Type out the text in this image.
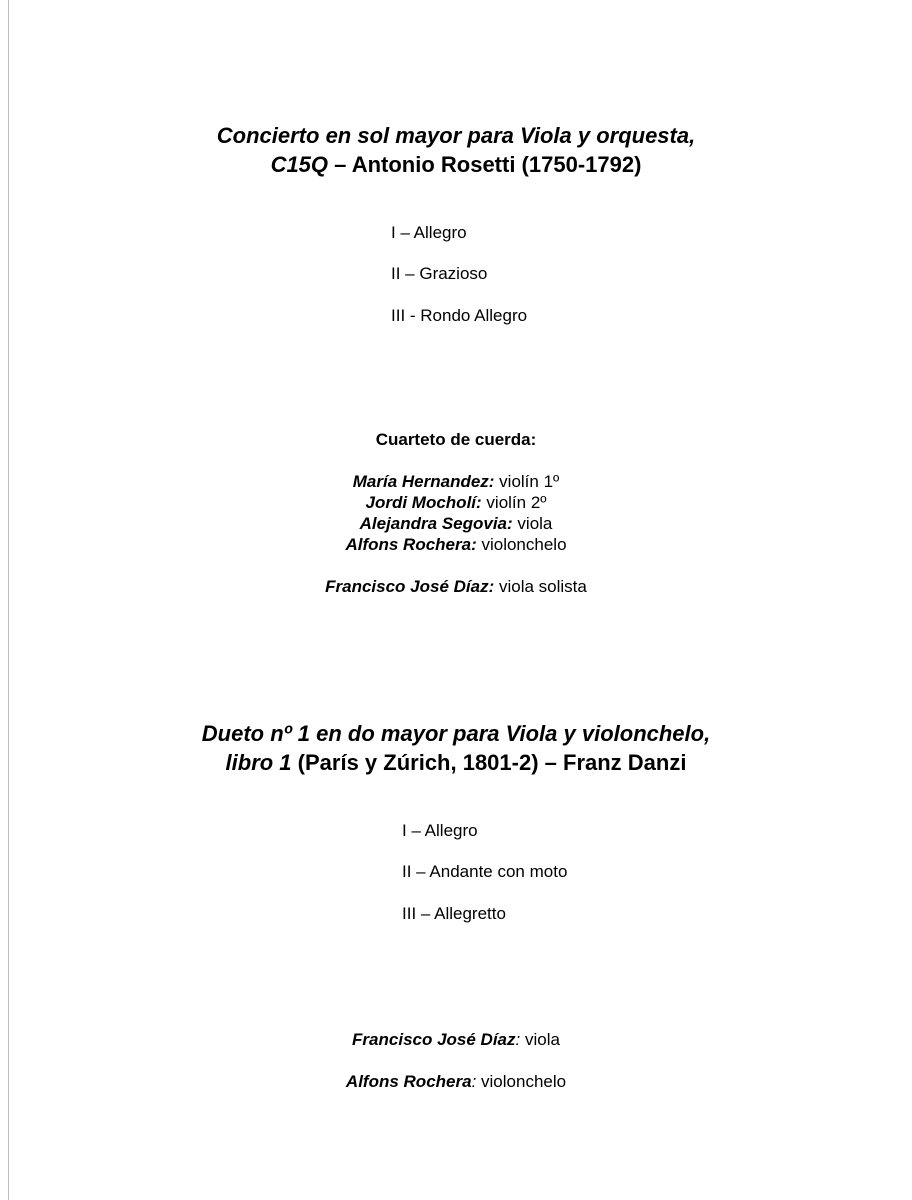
Concierto en sol mayor para Viola y orquesta,
C15Q – Antonio Rosetti (1750-1792)
I – Allegro
II – Grazioso
III - Rondo Allegro
Cuarteto de cuerda:
María Hernandez: violín 1º
Jordi Mocholí: violín 2º
Alejandra Segovia: viola
Alfons Rochera: violonchelo
Francisco José Díaz: viola solista
Dueto nº 1 en do mayor para Viola y violonchelo,
libro 1 (París y Zúrich, 1801-2) – Franz Danzi
I – Allegro
II – Andante con moto
III – Allegretto
Francisco José Díaz: viola
Alfons Rochera: violonchelo
